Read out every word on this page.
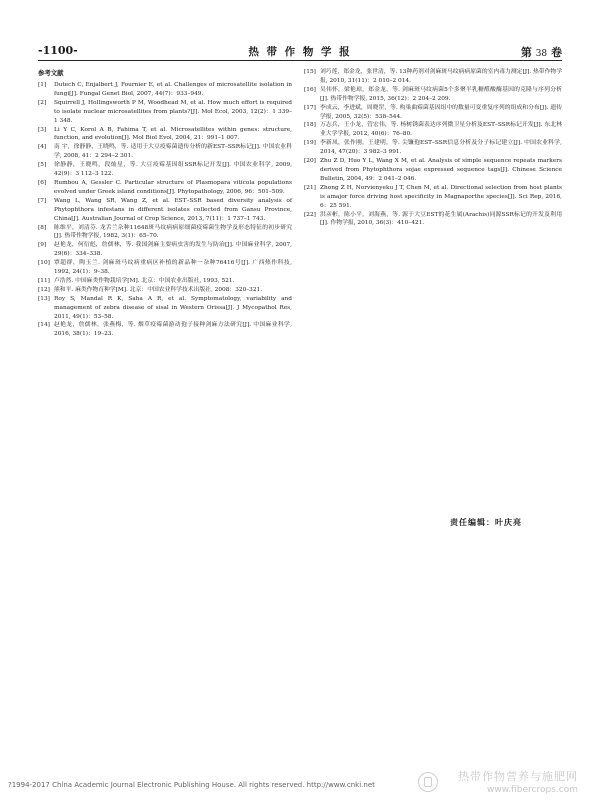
-1100-	热 带 作 物 学 报	第 38 卷
参考文献
[1]	Dutech C, Enjalbert J, Fournier E, et al. Challenges of microsatellite isolation in fungi[J]. Fungal Genet Biol, 2007, 44(7)：933–949.
[2]	Squirrell J, Hollingsworth P M, Woodhead M, et al. How much effort is required to isolate nuclear microsatellites from plants?[J]. Mol Ecol, 2003, 12(2)：1 339–1 348.
[3]	Li Y C, Korol A B, Fahima T, et al. Microsatellites within genes: structure, function, and evolution[J]. Mol Biol Evol, 2004, 21：991–1 007.
[4]	南 宇，徐静静，王晓鸣，等. 适用于大豆疫霉菌遗传分析的新EST–SSR标记[J]. 中国农业科学, 2008, 41：2 294–2 301.
[5]	徐静静，王晓鸣，段灿星，等. 大豆疫霉基因组SSR标记开发[J]. 中国农业科学, 2009, 42(9)：3 112–3 122.
[6]	Rumbou A, Gessler C. Particular structure of Plasmopara viticola populations evolved under Greek island conditions[J]. Phytopathology, 2006, 96：501–509.
[7]	Wang L, Wang SR, Wang Z, et al. EST–SSR based diversity analysis of Phytophthora infestans in different isolates collected from Gansu Province, China[J]. Australian Journal of Crop Science, 2013, 7(11)：1 737–1 743.
[8]	陈维平，刘清芬. 龙舌兰杂种11648斑马纹病病原细菌疫霉菌生物学及形态特征的初步研究[J]. 热带作物学报, 1982, 3(1)：65–70.
[9]	赵艳龙，何衍彪，詹儒林，等. 我国剑麻主要病虫害的发生与防治[J]. 中国麻业科学, 2007, 29(6)：334–338.
[10] 覃超群，陶玉兰. 剑麻斑马纹病重病区补植的新品种一杂种76416号[J]. 广西热作科技, 1992, 24(1)：9–38.
[11] 卢浩然. 中国麻类作物栽培学[M]. 北京：中国农业出版社, 1993, 521.
[12] 熊和平. 麻类作物育种学[M]. 北京：中国农业科学技术出版社, 2008：320–321.
[13] Roy S, Mandal R K, Saha A R, et al. Symptomatology, variability and management of zebra disease of sisal in Western Orissa[J]. J Mycopathol Res, 2011, 49(1)：53–58.
[14] 赵艳龙，詹儒林，张燕梅，等. 烟草疫霉菌游动孢子接种剑麻方法研究[J]. 中国麻业科学, 2016, 38(1)：19–23.
[15] 刘巧莲，郑金龙，张世清，等. 13种药剂对剑麻斑马纹病病原菌的室内毒力测定[J]. 热带作物学报, 2010, 31(11)：2 010–2 014.
[16] 吴伟怀，梁艳琼，郑金龙，等. 剑麻斑马纹病菌5个多聚半乳糖醛酸酶基因的克隆与序列分析[J]. 热带作物学报, 2015, 36(12)：2 204–2 209.
[17] 李成云，李进斌，周晓罡，等. 构巢曲霉菌基因组中的数量可变重复序列的组成和分布[J]. 遗传学报, 2005, 32(5)：538–544.
[18] 万志兵，王小龙，管宏伟，等. 杨树锈菌表达序列微卫星分析及EST–SSR标记开发[J]. 东北林业大学学报, 2012, 40(6)：76–80.
[19] 李新凤，张作刚，王建明，等. 尖镰孢EST–SSR信息分析及分子标记建立[J]. 中国农业科学, 2014, 47(20)：3 982–3 991.
[20] Zhu Z D, Huo Y L, Wang X M, et al. Analysis of simple sequence repeats markers derived from Phytophthora sojae expressed sequence tags[J]. Chinese Science Bulletin, 2004, 49：2 041–2 046.
[21] Zhong Z H, Norvienyeku J T, Chen M, et al. Directional selection from host plants is amajor force driving host specificity in Magnaporthe species[J]. Sci Rep, 2016, 6：25 591.
[22] 洪彦彬，陈小平，刘海燕，等. 源于大豆EST的花生属(Arachis)同源SSR标记的开发及利用[J]. 作物学报, 2010, 36(3)：410–421.
责任编辑：叶庆亮
?1994-2017 China Academic Journal Electronic Publishing House. All rights reserved. http://www.cnki.net
热带作物营养与施肥网
www.fibercrops.com
